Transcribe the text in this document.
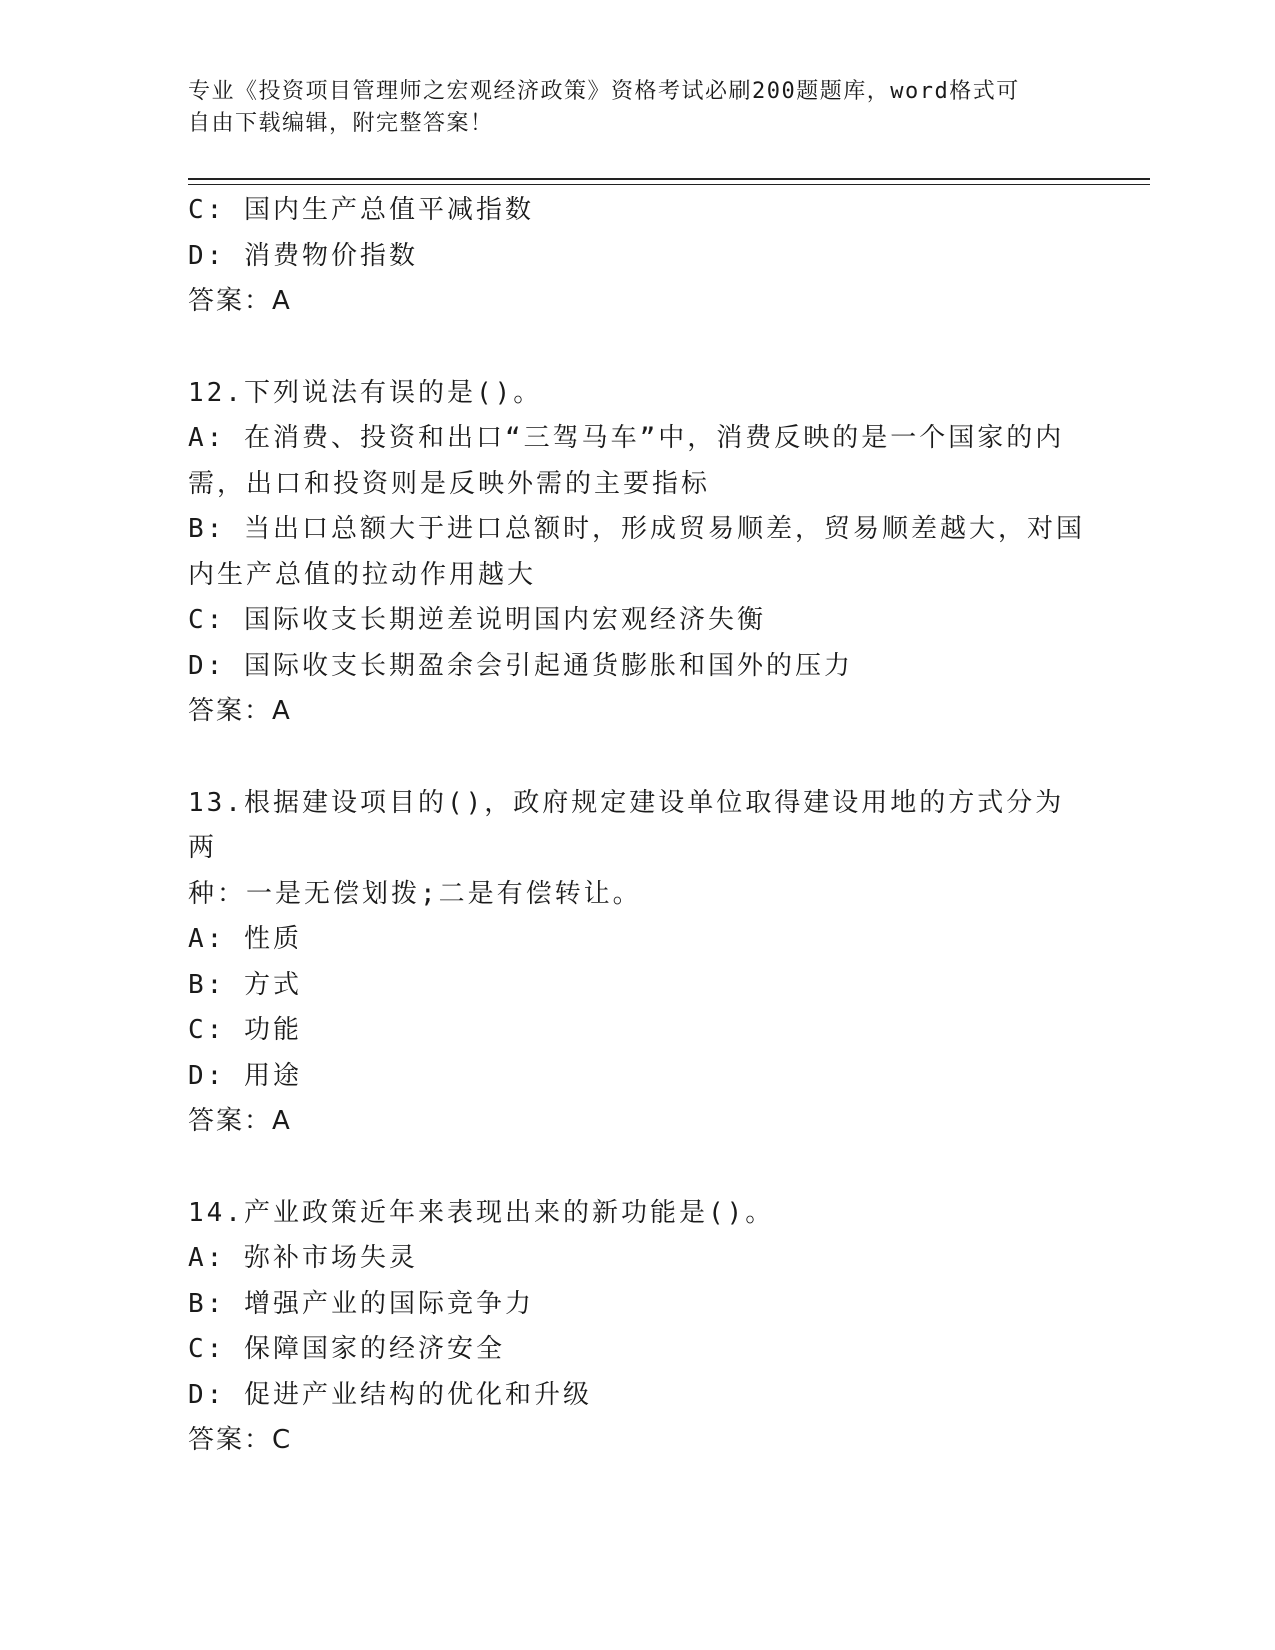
专业《投资项目管理师之宏观经济政策》资格考试必刷200题题库，word格式可
自由下载编辑，附完整答案！
C: 国内生产总值平减指数
D: 消费物价指数
答案：A
12.下列说法有误的是()。
A: 在消费、投资和出口“三驾马车”中，消费反映的是一个国家的内
需，出口和投资则是反映外需的主要指标
B: 当出口总额大于进口总额时，形成贸易顺差，贸易顺差越大，对国
内生产总值的拉动作用越大
C: 国际收支长期逆差说明国内宏观经济失衡
D: 国际收支长期盈余会引起通货膨胀和国外的压力
答案：A
13.根据建设项目的()，政府规定建设单位取得建设用地的方式分为两
种：一是无偿划拨;二是有偿转让。
A: 性质
B: 方式
C: 功能
D: 用途
答案：A
14.产业政策近年来表现出来的新功能是()。
A: 弥补市场失灵
B: 增强产业的国际竞争力
C: 保障国家的经济安全
D: 促进产业结构的优化和升级
答案：C
